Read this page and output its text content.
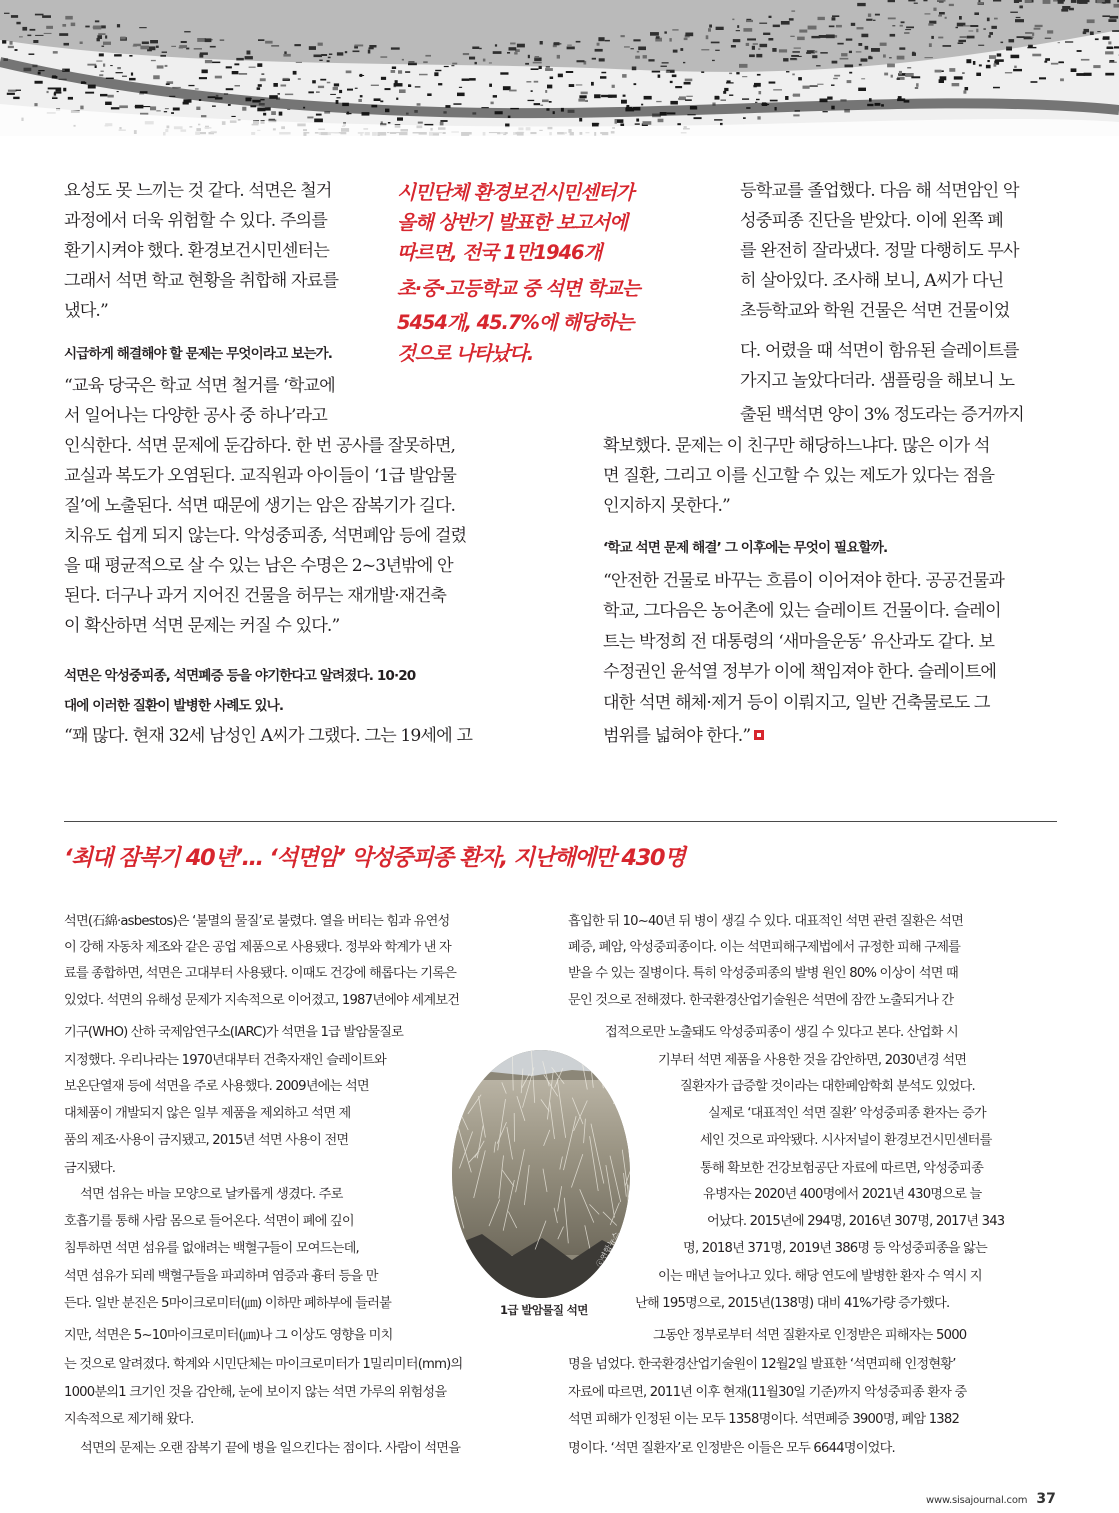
요성도 못 느끼는 것 같다. 석면은 철거

과정에서 더욱 위험할 수 있다. 주의를

환기시켜야 했다. 환경보건시민센터는

그래서 석면 학교 현황을 취합해 자료를

냈다.”

시급하게 해결해야 할 문제는 무엇이라고 보는가.

“교육 당국은 학교 석면 철거를 ‘학교에

서 일어나는 다양한 공사 중 하나’라고

인식한다. 석면 문제에 둔감하다. 한 번 공사를 잘못하면,

교실과 복도가 오염된다. 교직원과 아이들이 ‘1급 발암물

질’에 노출된다. 석면 때문에 생기는 암은 잠복기가 길다.

치유도 쉽게 되지 않는다. 악성중피종, 석면폐암 등에 걸렸

을 때 평균적으로 살 수 있는 남은 수명은 2~3년밖에 안

된다. 더구나 과거 지어진 건물을 허무는 재개발·재건축

이 확산하면 석면 문제는 커질 수 있다.”

석면은 악성중피종, 석면폐증 등을 야기한다고 알려졌다. 10·20

대에 이러한 질환이 발병한 사례도 있나.

“꽤 많다. 현재 32세 남성인 A씨가 그랬다. 그는 19세에 고

시민단체 환경보건시민센터가

올해 상반기 발표한 보고서에

따르면, 전국 1만1946개

초·중·고등학교 중 석면 학교는

5454개, 45.7%에 해당하는

것으로 나타났다.

등학교를 졸업했다. 다음 해 석면암인 악

성중피종 진단을 받았다. 이에 왼쪽 폐

를 완전히 잘라냈다. 정말 다행히도 무사

히 살아있다. 조사해 보니, A씨가 다닌

초등학교와 학원 건물은 석면 건물이었

다. 어렸을 때 석면이 함유된 슬레이트를

가지고 놀았다더라. 샘플링을 해보니 노

출된 백석면 양이 3% 정도라는 증거까지

확보했다. 문제는 이 친구만 해당하느냐다. 많은 이가 석

면 질환, 그리고 이를 신고할 수 있는 제도가 있다는 점을

인지하지 못한다.”

‘학교 석면 문제 해결’ 그 이후에는 무엇이 필요할까.

“안전한 건물로 바꾸는 흐름이 이어져야 한다. 공공건물과

학교, 그다음은 농어촌에 있는 슬레이트 건물이다. 슬레이

트는 박정희 전 대통령의 ‘새마을운동’ 유산과도 같다. 보

수정권인 윤석열 정부가 이에 책임져야 한다. 슬레이트에

대한 석면 해체·제거 등이 이뤄지고, 일반 건축물로도 그

범위를 넓혀야 한다.”

‘최대 잠복기 40년’… ‘석면암’ 악성중피종 환자, 지난해에만 430명

석면(石綿·asbestos)은 ‘불멸의 물질’로 불렸다. 열을 버티는 힘과 유연성

이 강해 자동차 제조와 같은 공업 제품으로 사용됐다. 정부와 학계가 낸 자

료를 종합하면, 석면은 고대부터 사용됐다. 이때도 건강에 해롭다는 기록은

있었다. 석면의 유해성 문제가 지속적으로 이어졌고, 1987년에야 세계보건

기구(WHO) 산하 국제암연구소(IARC)가 석면을 1급 발암물질로

지정했다. 우리나라는 1970년대부터 건축자재인 슬레이트와

보온단열재 등에 석면을 주로 사용했다. 2009년에는 석면

대체품이 개발되지 않은 일부 제품을 제외하고 석면 제

품의 제조·사용이 금지됐고, 2015년 석면 사용이 전면

금지됐다.

석면 섬유는 바늘 모양으로 날카롭게 생겼다. 주로

호흡기를 통해 사람 몸으로 들어온다. 석면이 폐에 깊이

침투하면 석면 섬유를 없애려는 백혈구들이 모여드는데,

석면 섬유가 되레 백혈구들을 파괴하며 염증과 흉터 등을 만

든다. 일반 분진은 5마이크로미터(㎛) 이하만 폐하부에 들러붙

지만, 석면은 5~10마이크로미터(㎛)나 그 이상도 영향을 미치

는 것으로 알려졌다. 학계와 시민단체는 마이크로미터가 1밀리미터(mm)의

1000분의1 크기인 것을 감안해, 눈에 보이지 않는 석면 가루의 위험성을

지속적으로 제기해 왔다.

석면의 문제는 오랜 잠복기 끝에 병을 일으킨다는 점이다. 사람이 석면을

흡입한 뒤 10~40년 뒤 병이 생길 수 있다. 대표적인 석면 관련 질환은 석면

폐증, 폐암, 악성중피종이다. 이는 석면피해구제법에서 규정한 피해 구제를

받을 수 있는 질병이다. 특히 악성중피종의 발병 원인 80% 이상이 석면 때

문인 것으로 전해졌다. 한국환경산업기술원은 석면에 잠깐 노출되거나 간

접적으로만 노출돼도 악성중피종이 생길 수 있다고 본다. 산업화 시

기부터 석면 제품을 사용한 것을 감안하면, 2030년경 석면

질환자가 급증할 것이라는 대한폐암학회 분석도 있었다.

실제로 ‘대표적인 석면 질환’ 악성중피종 환자는 증가

세인 것으로 파악됐다. 시사저널이 환경보건시민센터를

통해 확보한 건강보험공단 자료에 따르면, 악성중피종

유병자는 2020년 400명에서 2021년 430명으로 늘

어났다. 2015년에 294명, 2016년 307명, 2017년 343

명, 2018년 371명, 2019년 386명 등 악성중피종을 앓는

이는 매년 늘어나고 있다. 해당 연도에 발병한 환자 수 역시 지

난해 195명으로, 2015년(138명) 대비 41%가량 증가했다.

그동안 정부로부터 석면 질환자로 인정받은 피해자는 5000

명을 넘었다. 한국환경산업기술원이 12월2일 발표한 ‘석면피해 인정현황’

자료에 따르면, 2011년 이후 현재(11월30일 기준)까지 악성중피종 환자 중

석면 피해가 인정된 이는 모두 1358명이다. 석면폐증 3900명, 폐암 1382

명이다. ‘석면 질환자’로 인정받은 이들은 모두 6644명이었다.

ⓒ연합뉴스
1급 발암물질 석면
www.sisajournal.com 37
